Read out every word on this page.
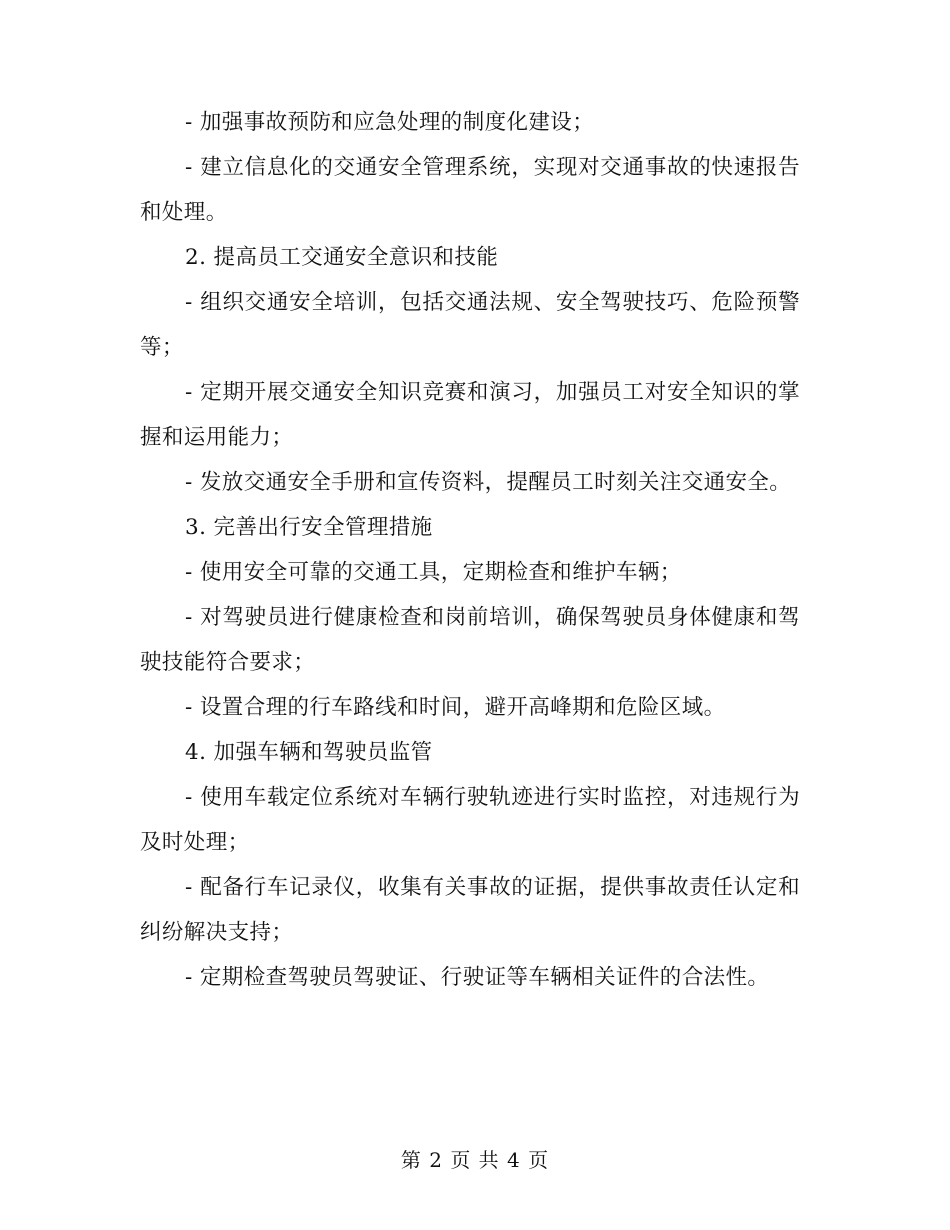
- 加强事故预防和应急处理的制度化建设；

- 建立信息化的交通安全管理系统，实现对交通事故的快速报告和处理。

2. 提高员工交通安全意识和技能

- 组织交通安全培训，包括交通法规、安全驾驶技巧、危险预警等；

- 定期开展交通安全知识竞赛和演习，加强员工对安全知识的掌握和运用能力；

- 发放交通安全手册和宣传资料，提醒员工时刻关注交通安全。

3. 完善出行安全管理措施

- 使用安全可靠的交通工具，定期检查和维护车辆；

- 对驾驶员进行健康检查和岗前培训，确保驾驶员身体健康和驾驶技能符合要求；

- 设置合理的行车路线和时间，避开高峰期和危险区域。

4. 加强车辆和驾驶员监管

- 使用车载定位系统对车辆行驶轨迹进行实时监控，对违规行为及时处理；

- 配备行车记录仪，收集有关事故的证据，提供事故责任认定和纠纷解决支持；

- 定期检查驾驶员驾驶证、行驶证等车辆相关证件的合法性。

第 2 页 共 4 页
